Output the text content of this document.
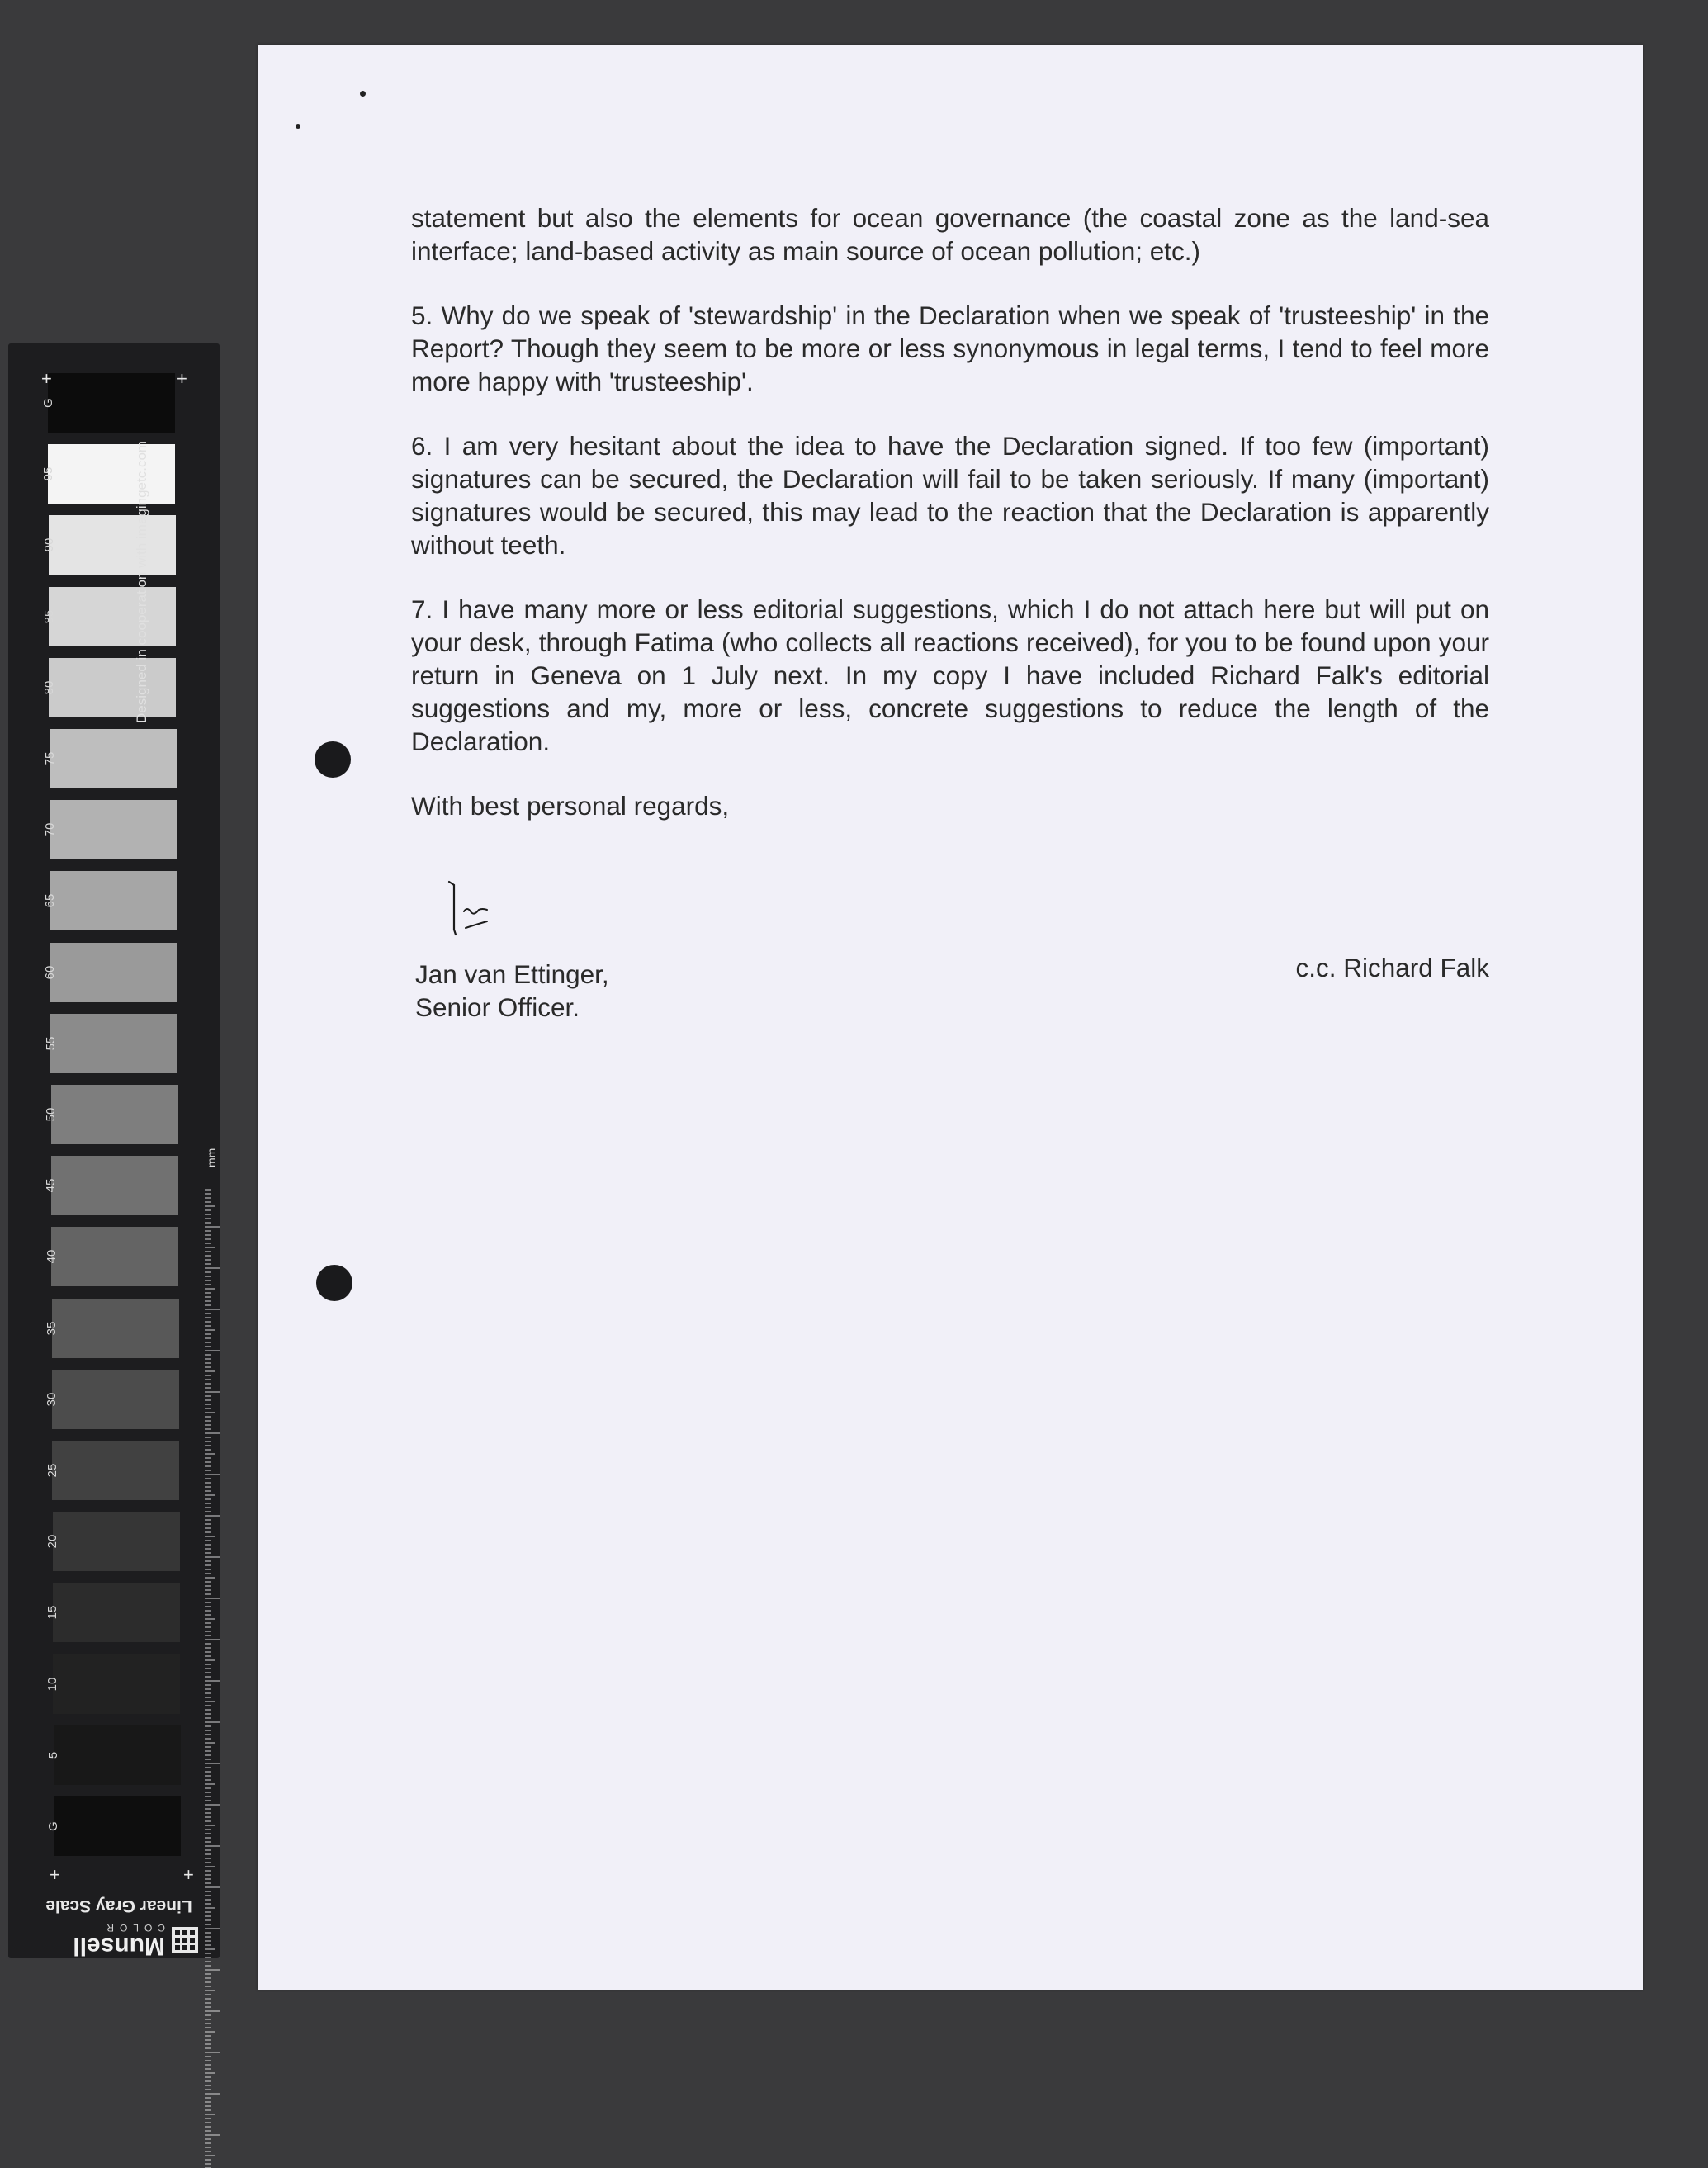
statement but also the elements for ocean governance (the coastal zone as the land-sea interface; land-based activity as main source of ocean pollution; etc.)

5. Why do we speak of 'stewardship' in the Declaration when we speak of 'trusteeship' in the Report? Though they seem to be more or less synonymous in legal terms, I tend to feel more more happy with 'trusteeship'.

6. I am very hesitant about the idea to have the Declaration signed. If too few (important) signatures can be secured, the Declaration will fail to be taken seriously. If many (important) signatures would be secured, this may lead to the reaction that the Declaration is apparently without teeth.

7. I have many more or less editorial suggestions, which I do not attach here but will put on your desk, through Fatima (who collects all reactions received), for you to be found upon your return in Geneva on 1 July next. In my copy I have included Richard Falk's editorial suggestions and my, more or less, concrete suggestions to reduce the length of the Declaration.

With best personal regards,

Jan van Ettinger,
Senior Officer.
c.c. Richard Falk
G
95
90
85
80
75
70
65
60
55
50
45
40
35
30
25
20
15
10
5
G
+	+
+	+
Designed in cooperation with imagingetc.com
mm
Linear Gray Scale
Munsell
COLOR
